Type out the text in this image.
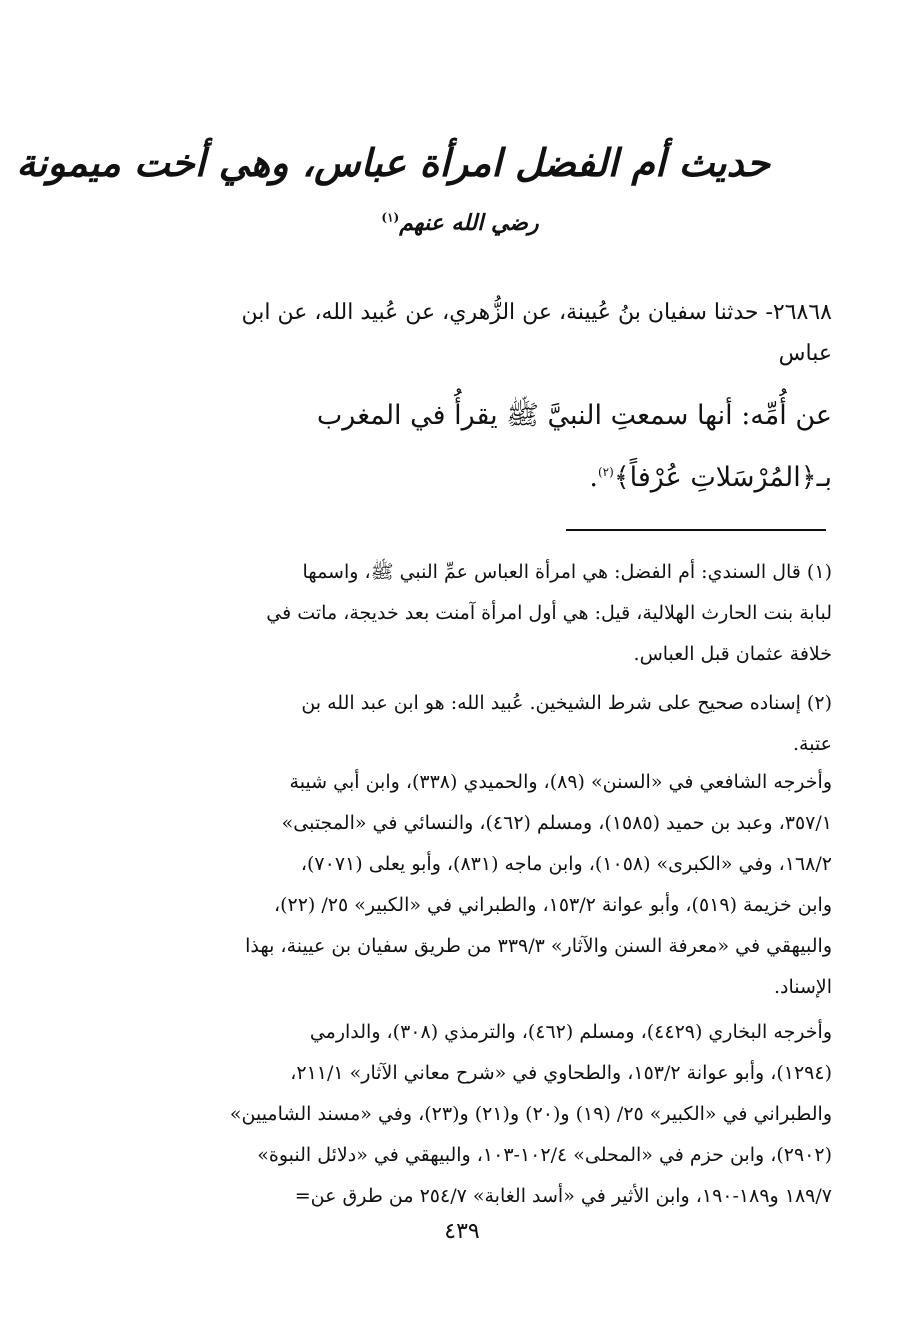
حديث أم الفضل امرأة عباس، وهي أخت ميمونة
رضي الله عنهم$^{(١)}$
٢٦٨٦٨- حدثنا سفيان بنُ عُيينة، عن الزُّهري، عن عُبيد الله، عن ابن
عباس
عن أُمِّه: أنها سمعتِ النبيَّ ﷺ يقرأُ في المغرب
بـ﴿المُرْسَلاتِ عُرْفاً﴾$^{(٢)}$.
(١) قال السندي: أم الفضل: هي امرأة العباس عمِّ النبي ﷺ، واسمها
لبابة بنت الحارث الهلالية، قيل: هي أول امرأة آمنت بعد خديجة، ماتت في
خلافة عثمان قبل العباس.
(٢) إسناده صحيح على شرط الشيخين. عُبيد الله: هو ابن عبد الله بن
عتبة.
وأخرجه الشافعي في «السنن» (٨٩)، والحميدي (٣٣٨)، وابن أبي شيبة
٣٥٧/١، وعبد بن حميد (١٥٨٥)، ومسلم (٤٦٢)، والنسائي في «المجتبى»
١٦٨/٢، وفي «الكبرى» (١٠٥٨)، وابن ماجه (٨٣١)، وأبو يعلى (٧٠٧١)،
وابن خزيمة (٥١٩)، وأبو عوانة ١٥٣/٢، والطبراني في «الكبير» ٢٥/ (٢٢)،
والبيهقي في «معرفة السنن والآثار» ٣٣٩/٣ من طريق سفيان بن عيينة، بهذا
الإسناد.
وأخرجه البخاري (٤٤٢٩)، ومسلم (٤٦٢)، والترمذي (٣٠٨)، والدارمي
(١٢٩٤)، وأبو عوانة ١٥٣/٢، والطحاوي في «شرح معاني الآثار» ٢١١/١،
والطبراني في «الكبير» ٢٥/ (١٩) و(٢٠) و(٢١) و(٢٣)، وفي «مسند الشاميين»
(٢٩٠٢)، وابن حزم في «المحلى» ١٠٢/٤-١٠٣، والبيهقي في «دلائل النبوة»
١٨٩/٧ و١٨٩-١٩٠، وابن الأثير في «أسد الغابة» ٢٥٤/٧ من طرق عن=
٤٣٩
